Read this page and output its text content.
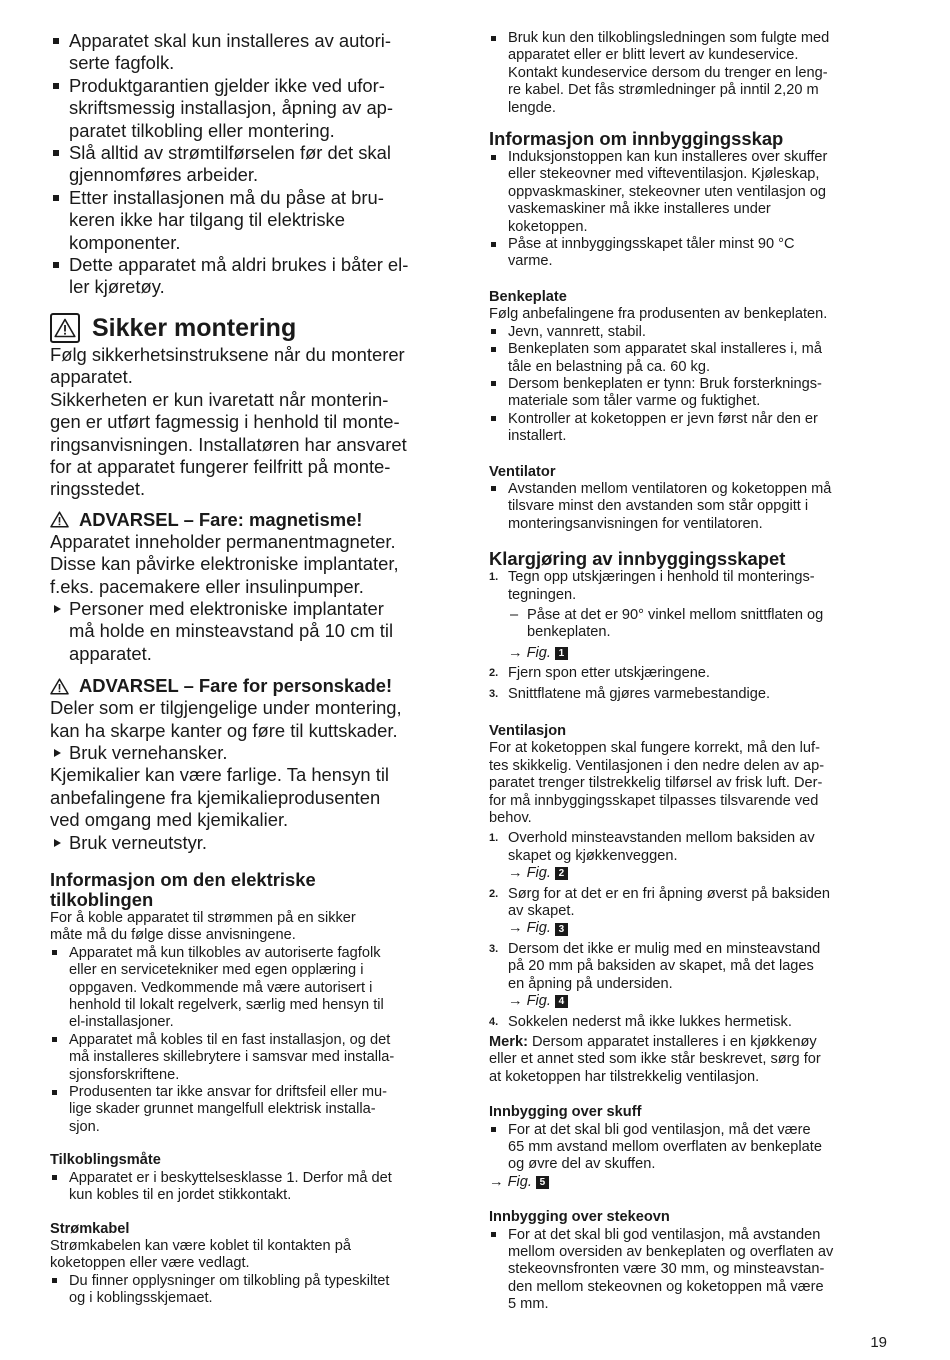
Apparatet skal kun installeres av autori-
serte fagfolk.
Produktgarantien gjelder ikke ved ufor-
skriftsmessig installasjon, åpning av ap-
paratet tilkobling eller montering.
Slå alltid av strømtilførselen før det skal
gjennomføres arbeider.
Etter installasjonen må du påse at bru-
keren ikke har tilgang til elektriske
komponenter.
Dette apparatet må aldri brukes i båter el-
ler kjøretøy.
Sikker montering

Følg sikkerhetsinstruksene når du monterer
apparatet.

Sikkerheten er kun ivaretatt når monterin-
gen er utført fagmessig i henhold til monte-
ringsanvisningen. Installatøren har ansvaret
for at apparatet fungerer feilfritt på monte-
ringsstedet.

ADVARSEL – Fare: magnetisme!

Apparatet inneholder permanentmagneter.
Disse kan påvirke elektroniske implantater,
f.eks. pacemakere eller insulinpumper.

Personer med elektroniske implantater
må holde en minsteavstand på 10 cm til
apparatet.

ADVARSEL – Fare for personskade!

Deler som er tilgjengelige under montering,
kan ha skarpe kanter og føre til kuttskader.

Bruk vernehansker.

Kjemikalier kan være farlige. Ta hensyn til
anbefalingene fra kjemikalieprodusenten
ved omgang med kjemikalier.

Bruk verneutstyr.

Informasjon om den elektriske
tilkoblingen

For å koble apparatet til strømmen på en sikker
måte må du følge disse anvisningene.

Apparatet må kun tilkobles av autoriserte fagfolk
eller en servicetekniker med egen opplæring i
oppgaven. Vedkommende må være autorisert i
henhold til lokalt regelverk, særlig med hensyn til
el-installasjoner.
Apparatet må kobles til en fast installasjon, og det
må installeres skillebrytere i samsvar med installa-
sjonsforskriftene.
Produsenten tar ikke ansvar for driftsfeil eller mu-
lige skader grunnet mangelfull elektrisk installa-
sjon.
Tilkoblingsmåte
Apparatet er i beskyttelsesklasse 1. Derfor må det
kun kobles til en jordet stikkontakt.
Strømkabel

Strømkabelen kan være koblet til kontakten på
koketoppen eller være vedlagt.

Du finner opplysninger om tilkobling på typeskiltet
og i koblingsskjemaet.
Bruk kun den tilkoblingsledningen som fulgte med
apparatet eller er blitt levert av kundeservice.
Kontakt kundeservice dersom du trenger en leng-
re kabel. Det fås strømledninger på inntil 2,20 m
lengde.
Informasjon om innbyggingsskap
Induksjonstoppen kan kun installeres over skuffer
eller stekeovner med vifteventilasjon. Kjøleskap,
oppvaskmaskiner, stekeovner uten ventilasjon og
vaskemaskiner må ikke installeres under
koketoppen.
Påse at innbyggingsskapet tåler minst 90 °C
varme.
Benkeplate

Følg anbefalingene fra produsenten av benkeplaten.

Jevn, vannrett, stabil.
Benkeplaten som apparatet skal installeres i, må
tåle en belastning på ca. 60 kg.
Dersom benkeplaten er tynn: Bruk forsterknings-
materiale som tåler varme og fuktighet.
Kontroller at koketoppen er jevn først når den er
installert.
Ventilator
Avstanden mellom ventilatoren og koketoppen må
tilsvare minst den avstanden som står oppgitt i
monteringsanvisningen for ventilatoren.
Klargjøring av innbyggingsskapet
1. Tegn opp utskjæringen i henhold til monterings-
tegningen.

– Påse at det er 90° vinkel mellom snittflaten og
benkeplaten.

→ Fig. 1

2. Fjern spon etter utskjæringene.
3. Snittflatene må gjøres varmebestandige.
Ventilasjon

For at koketoppen skal fungere korrekt, må den luf-
tes skikkelig. Ventilasjonen i den nedre delen av ap-
paratet trenger tilstrekkelig tilførsel av frisk luft. Der-
for må innbyggingsskapet tilpasses tilsvarende ved
behov.

1. Overhold minsteavstanden mellom baksiden av
skapet og kjøkkenveggen.

→ Fig. 2

2. Sørg for at det er en fri åpning øverst på baksiden
av skapet.

→ Fig. 3

3. Dersom det ikke er mulig med en minsteavstand
på 20 mm på baksiden av skapet, må det lages
en åpning på undersiden.

→ Fig. 4

4. Sokkelen nederst må ikke lukkes hermetisk.

Merk: Dersom apparatet installeres i en kjøkkenøy
eller et annet sted som ikke står beskrevet, sørg for
at koketoppen har tilstrekkelig ventilasjon.

Innbygging over skuff
For at det skal bli god ventilasjon, må det være
65 mm avstand mellom overflaten av benkeplate
og øvre del av skuffen.

→ Fig. 5

Innbygging over stekeovn
For at det skal bli god ventilasjon, må avstanden
mellom oversiden av benkeplaten og overflaten av
stekeovnsfronten være 30 mm, og minsteavstan-
den mellom stekeovnen og koketoppen må være
5 mm.
19
